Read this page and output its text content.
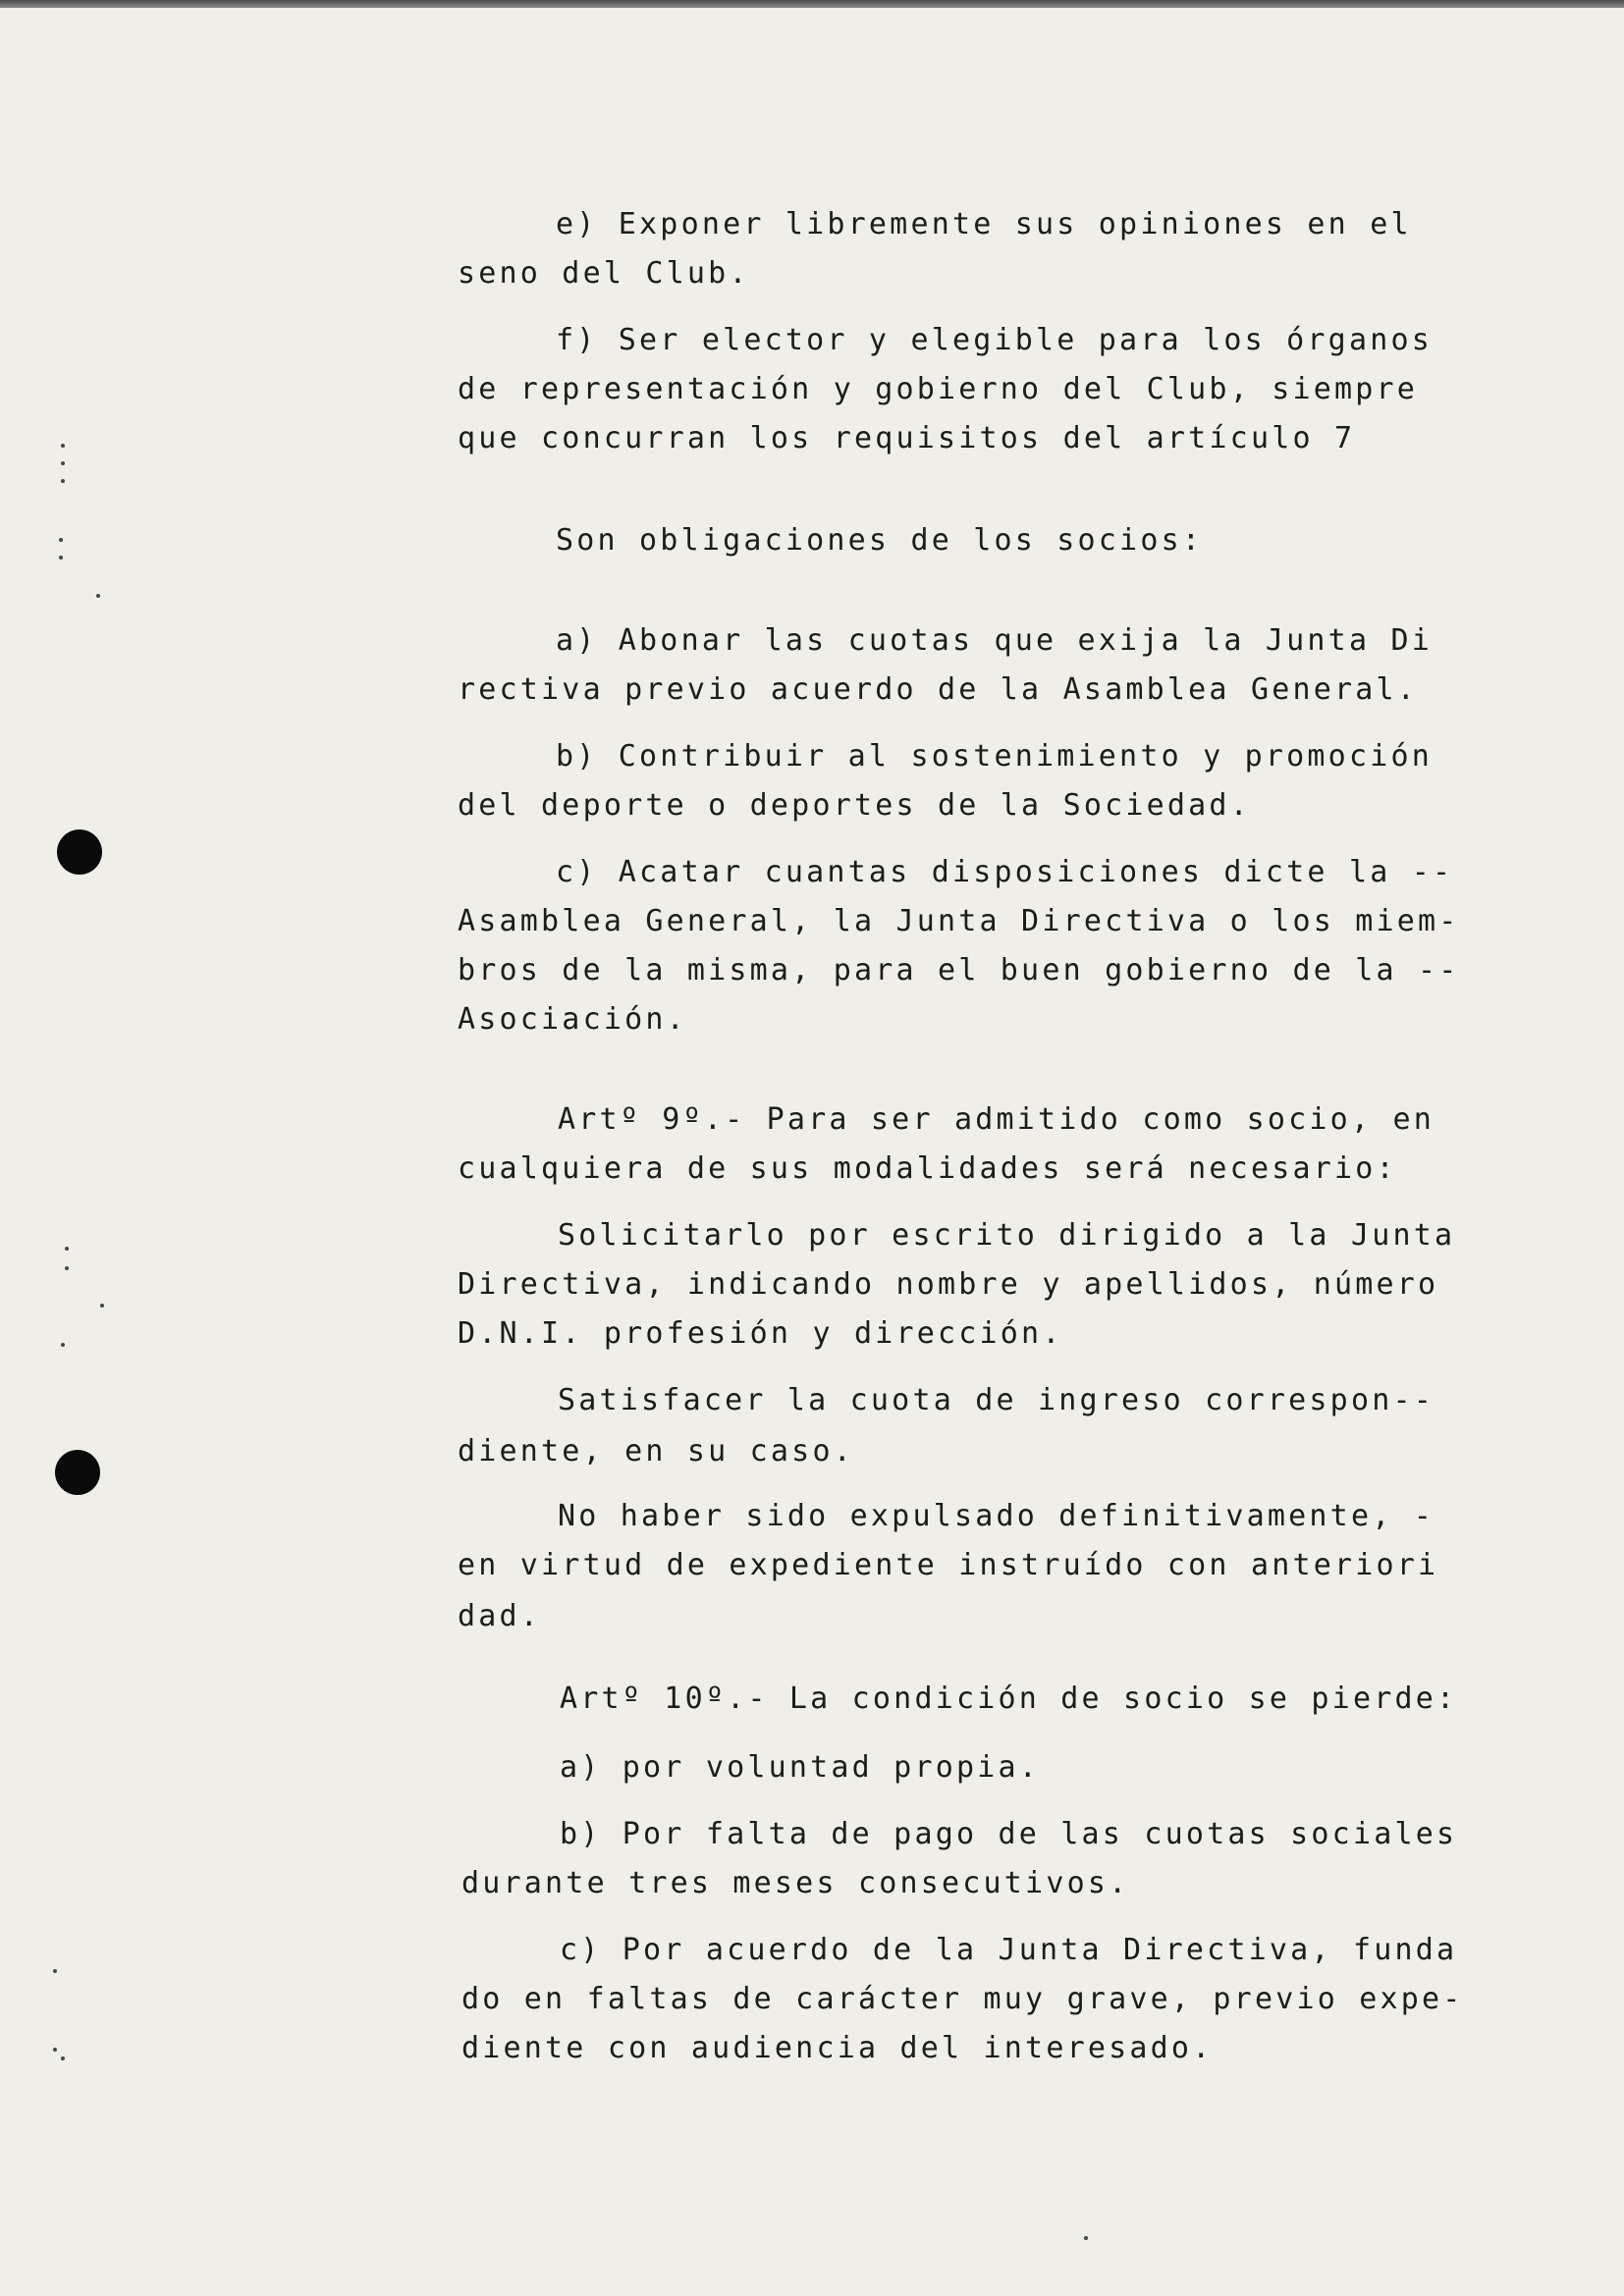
e) Exponer libremente sus opiniones en el

seno del Club.

f) Ser elector y elegible para los órganos

de representación y gobierno del Club, siempre

que concurran los requisitos del artículo 7

Son obligaciones de los socios:

a) Abonar las cuotas que exija la Junta Di

rectiva previo acuerdo de la Asamblea General.

b) Contribuir al sostenimiento y promoción

del deporte o deportes de la Sociedad.

c) Acatar cuantas disposiciones dicte la --

Asamblea General, la Junta Directiva o los miem-

bros de la misma, para el buen gobierno de la --

Asociación.

Artº 9º.- Para ser admitido como socio, en

cualquiera de sus modalidades será necesario:

Solicitarlo por escrito dirigido a la Junta

Directiva, indicando nombre y apellidos, número

D.N.I. profesión y dirección.

Satisfacer la cuota de ingreso correspon--

diente, en su caso.

No haber sido expulsado definitivamente, -

en virtud de expediente instruído con anteriori

dad.

Artº 10º.- La condición de socio se pierde:

a) por voluntad propia.

b) Por falta de pago de las cuotas sociales

durante tres meses consecutivos.

c) Por acuerdo de la Junta Directiva, funda

do en faltas de carácter muy grave, previo expe-

diente con audiencia del interesado.
